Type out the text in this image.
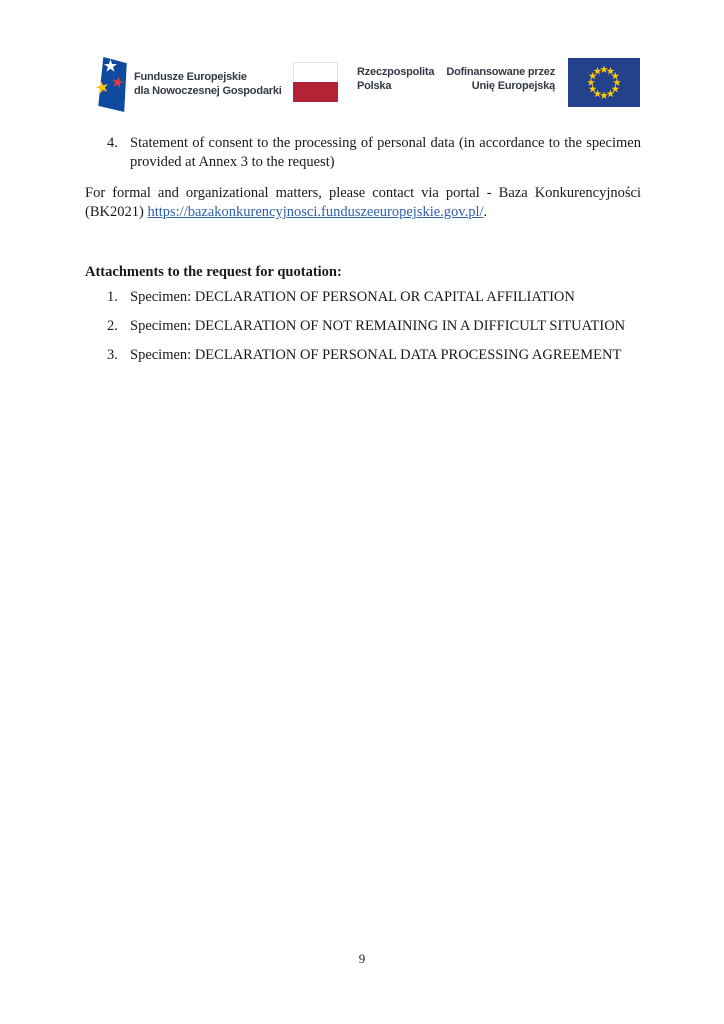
Fundusze Europejskie
dla Nowoczesnej Gospodarki
Rzeczpospolita
Polska
Dofinansowane przez
Unię Europejską
4. Statement of consent to the processing of personal data (in accordance to the specimen provided at Annex 3 to the request)

For formal and organizational matters, please contact via portal - Baza Konkurencyjności (BK2021) https://bazakonkurencyjnosci.funduszeeuropejskie.gov.pl/.

Attachments to the request for quotation:
1. Specimen: DECLARATION OF PERSONAL OR CAPITAL AFFILIATION
2. Specimen: DECLARATION OF NOT REMAINING IN A DIFFICULT SITUATION
3. Specimen: DECLARATION OF PERSONAL DATA PROCESSING AGREEMENT
9
